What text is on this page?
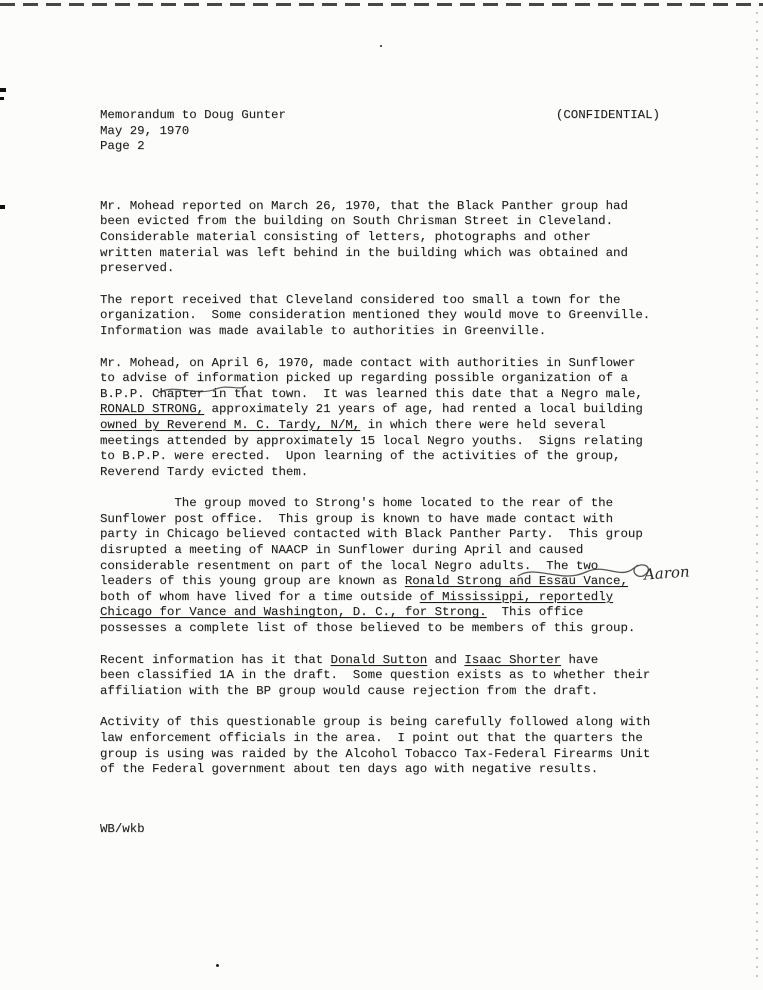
Memorandum to Doug Gunter
May 29, 1970
Page 2
(CONFIDENTIAL)
Mr. Mohead reported on March 26, 1970, that the Black Panther group had
been evicted from the building on South Chrisman Street in Cleveland.
Considerable material consisting of letters, photographs and other
written material was left behind in the building which was obtained and
preserved.
The report received that Cleveland considered too small a town for the
organization.  Some consideration mentioned they would move to Greenville.
Information was made available to authorities in Greenville.
Mr. Mohead, on April 6, 1970, made contact with authorities in Sunflower
to advise of information picked up regarding possible organization of a
B.P.P. Chapter in that town.  It was learned this date that a Negro male,
RONALD STRONG, approximately 21 years of age, had rented a local building
owned by Reverend M. C. Tardy, N/M, in which there were held several
meetings attended by approximately 15 local Negro youths.  Signs relating
to B.P.P. were erected.  Upon learning of the activities of the group,
Reverend Tardy evicted them.
The group moved to Strong's home located to the rear of the
Sunflower post office.  This group is known to have made contact with
party in Chicago believed contacted with Black Panther Party.  This group
disrupted a meeting of NAACP in Sunflower during April and caused
considerable resentment on part of the local Negro adults.  The two
leaders of this young group are known as Ronald Strong and Essau Vance,
both of whom have lived for a time outside of Mississippi, reportedly
Chicago for Vance and Washington, D. C., for Strong.  This office
possesses a complete list of those believed to be members of this group.
Recent information has it that Donald Sutton and Isaac Shorter have
been classified 1A in the draft.  Some question exists as to whether their
affiliation with the BP group would cause rejection from the draft.
Activity of this questionable group is being carefully followed along with
law enforcement officials in the area.  I point out that the quarters the
group is using was raided by the Alcohol Tobacco Tax-Federal Firearms Unit
of the Federal government about ten days ago with negative results.
WB/wkb
Aaron
